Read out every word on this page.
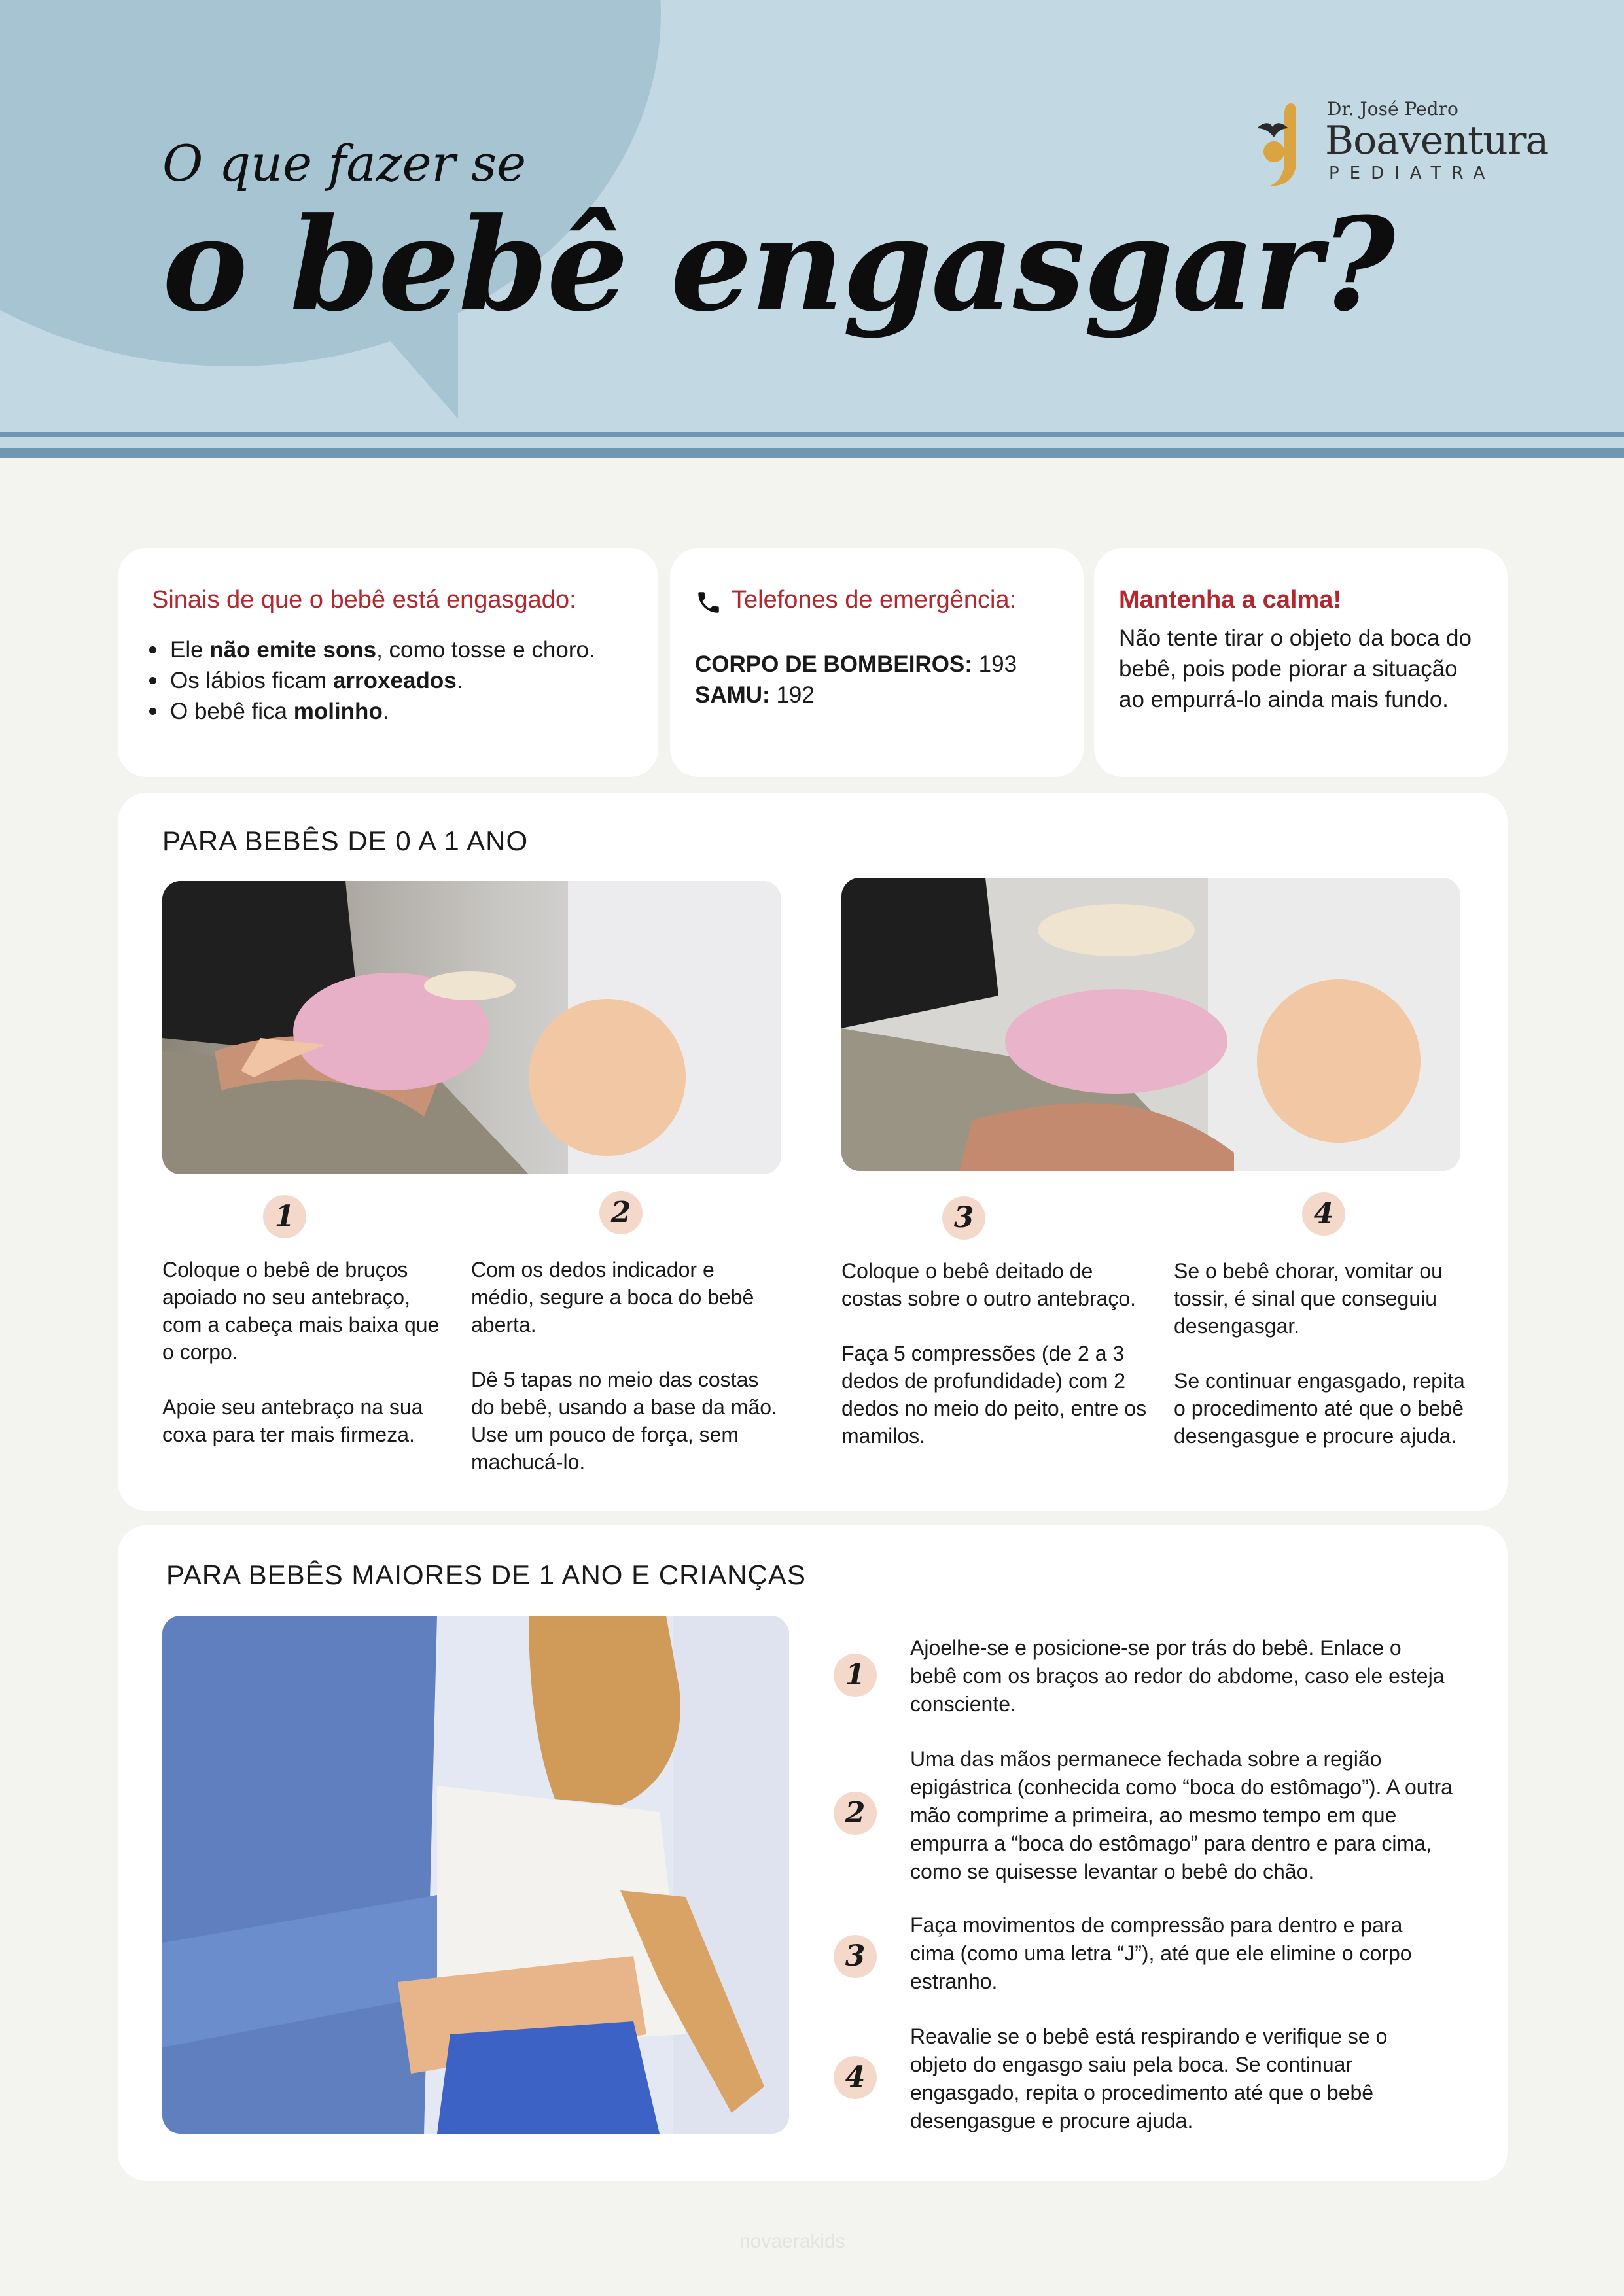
O que fazer se
o bebê engasgar?
Dr. José Pedro
Boaventura
PEDIATRA
Sinais de que o bebê está engasgado:
Ele não emite sons, como tosse e choro.
Os lábios ficam arroxeados.
O bebê fica molinho.
Telefones de emergência:
CORPO DE BOMBEIROS: 193
SAMU: 192
Mantenha a calma!
Não tente tirar o objeto da boca do bebê, pois pode piorar a situação ao empurrá-lo ainda mais fundo.
PARA BEBÊS DE 0 A 1 ANO
1	2	3	4

Coloque o bebê de bruços apoiado no seu antebraço, com a cabeça mais baixa que o corpo.

Apoie seu antebraço na sua coxa para ter mais firmeza.

Com os dedos indicador e médio, segure a boca do bebê aberta.

Dê 5 tapas no meio das costas do bebê, usando a base da mão. Use um pouco de força, sem machucá-lo.

Coloque o bebê deitado de costas sobre o outro antebraço.

Faça 5 compressões (de 2 a 3 dedos de profundidade) com 2 dedos no meio do peito, entre os mamilos.

Se o bebê chorar, vomitar ou tossir, é sinal que conseguiu desengasgar.

Se continuar engasgado, repita o procedimento até que o bebê desengasgue e procure ajuda.

PARA BEBÊS MAIORES DE 1 ANO E CRIANÇAS
1
2
3
4
Ajoelhe-se e posicione-se por trás do bebê. Enlace o bebê com os braços ao redor do abdome, caso ele esteja consciente.
Uma das mãos permanece fechada sobre a região epigástrica (conhecida como “boca do estômago”). A outra mão comprime a primeira, ao mesmo tempo em que empurra a “boca do estômago” para dentro e para cima, como se quisesse levantar o bebê do chão.
Faça movimentos de compressão para dentro e para cima (como uma letra “J”), até que ele elimine o corpo estranho.
Reavalie se o bebê está respirando e verifique se o objeto do engasgo saiu pela boca. Se continuar engasgado, repita o procedimento até que o bebê desengasgue e procure ajuda.
novaerakids
